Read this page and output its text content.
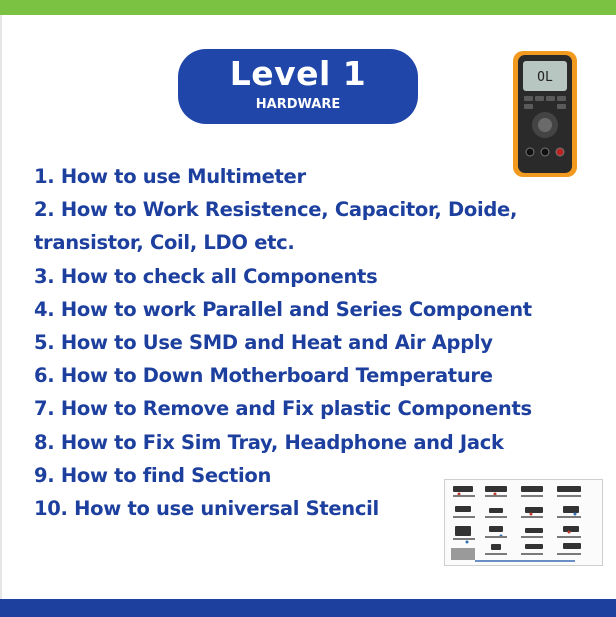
Level 1
HARDWARE
OL
1. How to use Multimeter
2. How to Work Resistence, Capacitor, Doide,
transistor, Coil, LDO etc.
3. How to check all Components
4. How to work Parallel and Series Component
5. How to Use SMD and Heat and Air Apply
6. How to Down Motherboard Temperature
7. How to Remove and Fix plastic Components
8. How to Fix Sim Tray, Headphone and Jack
9. How to find Section
10. How to use universal Stencil
